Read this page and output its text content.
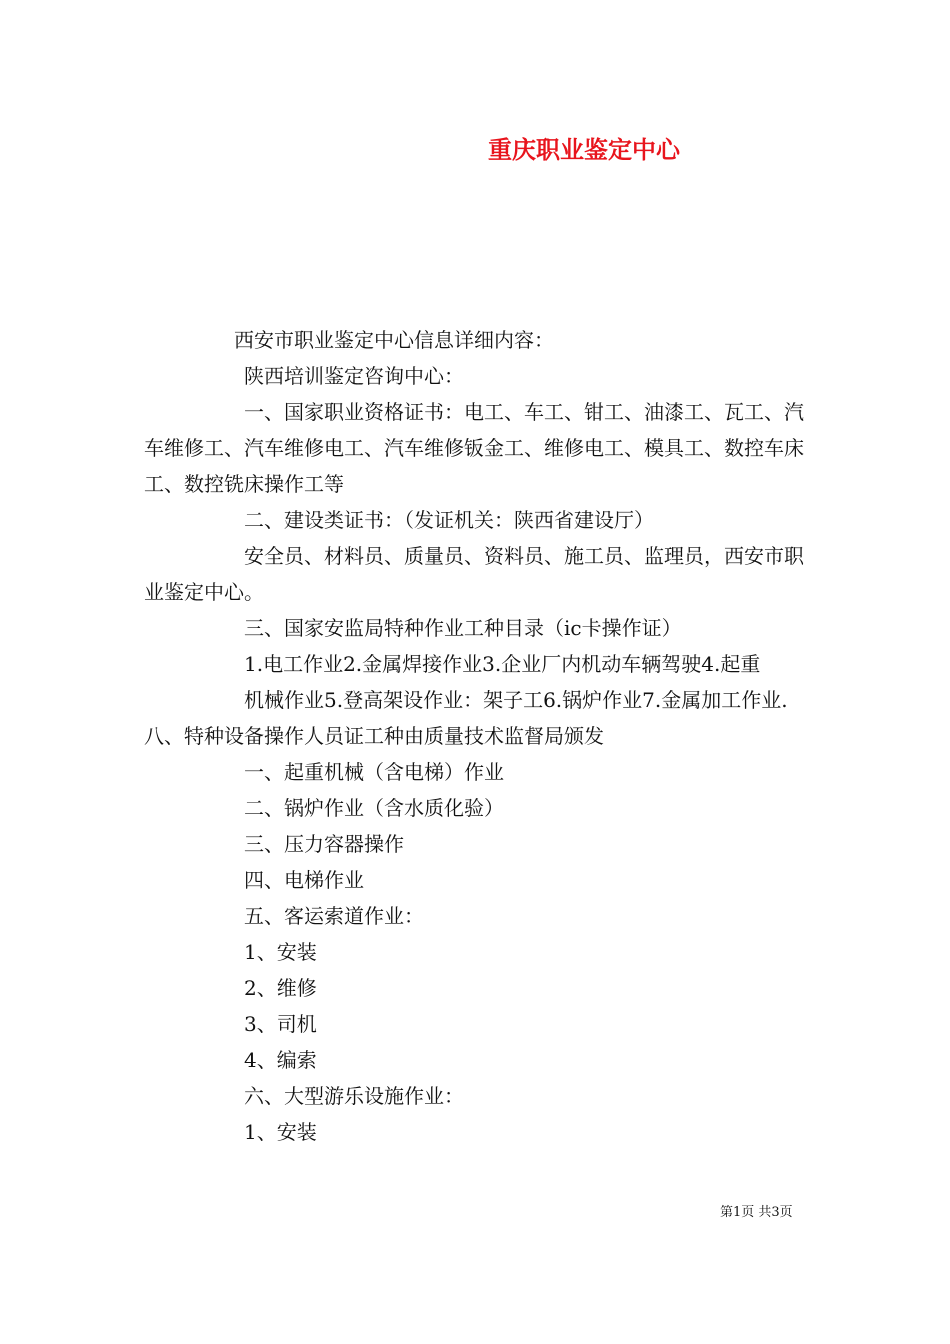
重庆职业鉴定中心

西安市职业鉴定中心信息详细内容：

陕西培训鉴定咨询中心：

一、国家职业资格证书：电工、车工、钳工、油漆工、瓦工、汽车维修工、汽车维修电工、汽车维修钣金工、维修电工、模具工、数控车床工、数控铣床操作工等

二、建设类证书：（发证机关：陕西省建设厅）

安全员、材料员、质量员、资料员、施工员、监理员，西安市职业鉴定中心。

三、国家安监局特种作业工种目录（ic卡操作证）

1.电工作业2.金属焊接作业3.企业厂内机动车辆驾驶4.起重

机械作业5.登高架设作业：架子工6.锅炉作业7.金属加工作业.八、特种设备操作人员证工种由质量技术监督局颁发

一、起重机械（含电梯）作业

二、锅炉作业（含水质化验）

三、压力容器操作

四、电梯作业

五、客运索道作业：

1、安装

2、维修

3、司机

4、编索

六、大型游乐设施作业：

1、安装

第1页 共3页
